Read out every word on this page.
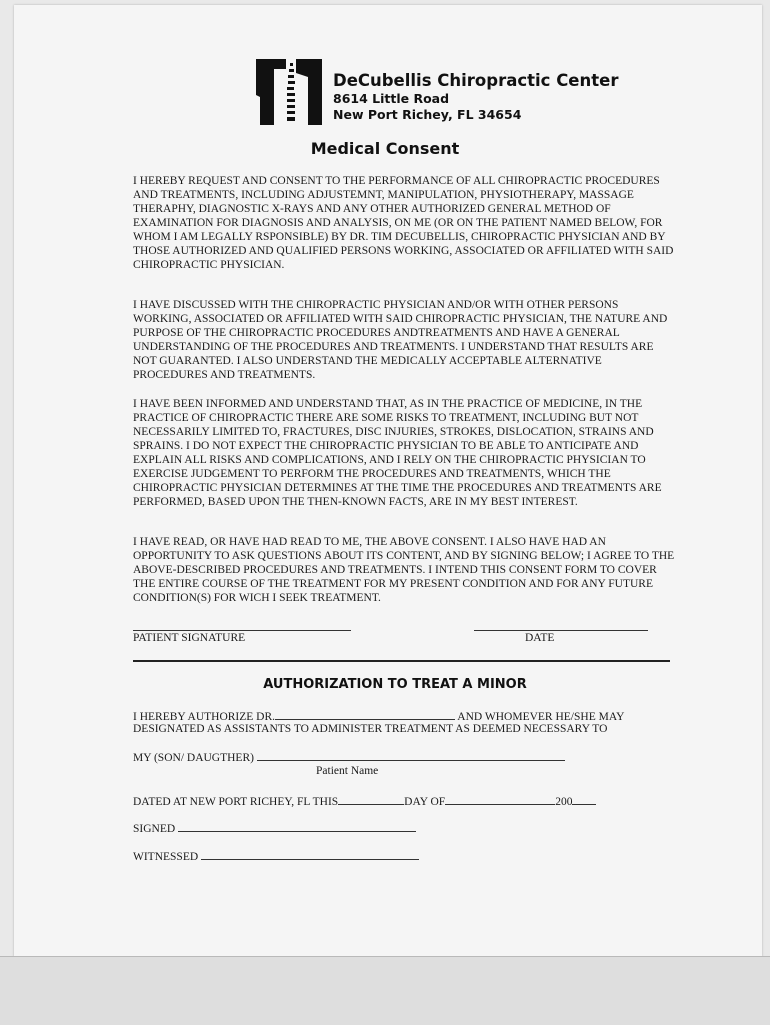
DeCubellis Chiropractic Center
8614 Little Road
New Port Richey, FL 34654
Medical Consent

I HEREBY REQUEST AND CONSENT TO THE PERFORMANCE OF ALL CHIROPRACTIC PROCEDURES AND TREATMENTS, INCLUDING ADJUSTEMNT, MANIPULATION, PHYSIOTHERAPY, MASSAGE THERAPHY, DIAGNOSTIC X-RAYS AND ANY OTHER AUTHORIZED GENERAL METHOD OF EXAMINATION FOR DIAGNOSIS AND ANALYSIS, ON ME (OR ON THE PATIENT NAMED BELOW, FOR WHOM I AM LEGALLY RSPONSIBLE) BY DR. TIM DECUBELLIS, CHIROPRACTIC PHYSICIAN AND BY THOSE AUTHORIZED AND QUALIFIED PERSONS WORKING, ASSOCIATED OR AFFILIATED WITH SAID CHIROPRACTIC PHYSICIAN.

I HAVE DISCUSSED WITH THE CHIROPRACTIC PHYSICIAN AND/OR WITH OTHER PERSONS WORKING, ASSOCIATED OR AFFILIATED WITH SAID CHIROPRACTIC PHYSICIAN, THE NATURE AND PURPOSE OF THE CHIROPRACTIC PROCEDURES ANDTREATMENTS AND HAVE A GENERAL UNDERSTANDING OF THE PROCEDURES AND TREATMENTS. I UNDERSTAND THAT RESULTS ARE NOT GUARANTED. I ALSO UNDERSTAND THE MEDICALLY ACCEPTABLE ALTERNATIVE PROCEDURES AND TREATMENTS.

I HAVE BEEN INFORMED AND UNDERSTAND THAT, AS IN THE PRACTICE OF MEDICINE, IN THE PRACTICE OF CHIROPRACTIC THERE ARE SOME RISKS TO TREATMENT, INCLUDING BUT NOT NECESSARILY LIMITED TO, FRACTURES, DISC INJURIES, STROKES, DISLOCATION, STRAINS AND SPRAINS. I DO NOT EXPECT THE CHIROPRACTIC PHYSICIAN TO BE ABLE TO ANTICIPATE AND EXPLAIN ALL RISKS AND COMPLICATIONS, AND I RELY ON THE CHIROPRACTIC PHYSICIAN TO EXERCISE JUDGEMENT TO PERFORM THE PROCEDURES AND TREATMENTS, WHICH THE CHIROPRACTIC PHYSICIAN DETERMINES AT THE TIME THE PROCEDURES AND TREATMENTS ARE PERFORMED, BASED UPON THE THEN-KNOWN FACTS, ARE IN MY BEST INTEREST.

I HAVE READ, OR HAVE HAD READ TO ME, THE ABOVE CONSENT. I ALSO HAVE HAD AN OPPORTUNITY TO ASK QUESTIONS ABOUT ITS CONTENT, AND BY SIGNING BELOW; I AGREE TO THE ABOVE-DESCRIBED PROCEDURES AND TREATMENTS. I INTEND THIS CONSENT FORM TO COVER THE ENTIRE COURSE OF THE TREATMENT FOR MY PRESENT CONDITION AND FOR ANY FUTURE CONDITION(S) FOR WICH I SEEK TREATMENT.

PATIENT SIGNATURE	DATE
AUTHORIZATION TO TREAT A MINOR
I HEREBY AUTHORIZE DR.	AND WHOMEVER HE/SHE MAY
DESIGNATED AS ASSISTANTS TO ADMINISTER TREATMENT AS DEEMED NECESSARY TO
MY (SON/ DAUGTHER)
Patient Name
DATED AT NEW PORT RICHEY, FL THIS	DAY OF	200
SIGNED
WITNESSED
